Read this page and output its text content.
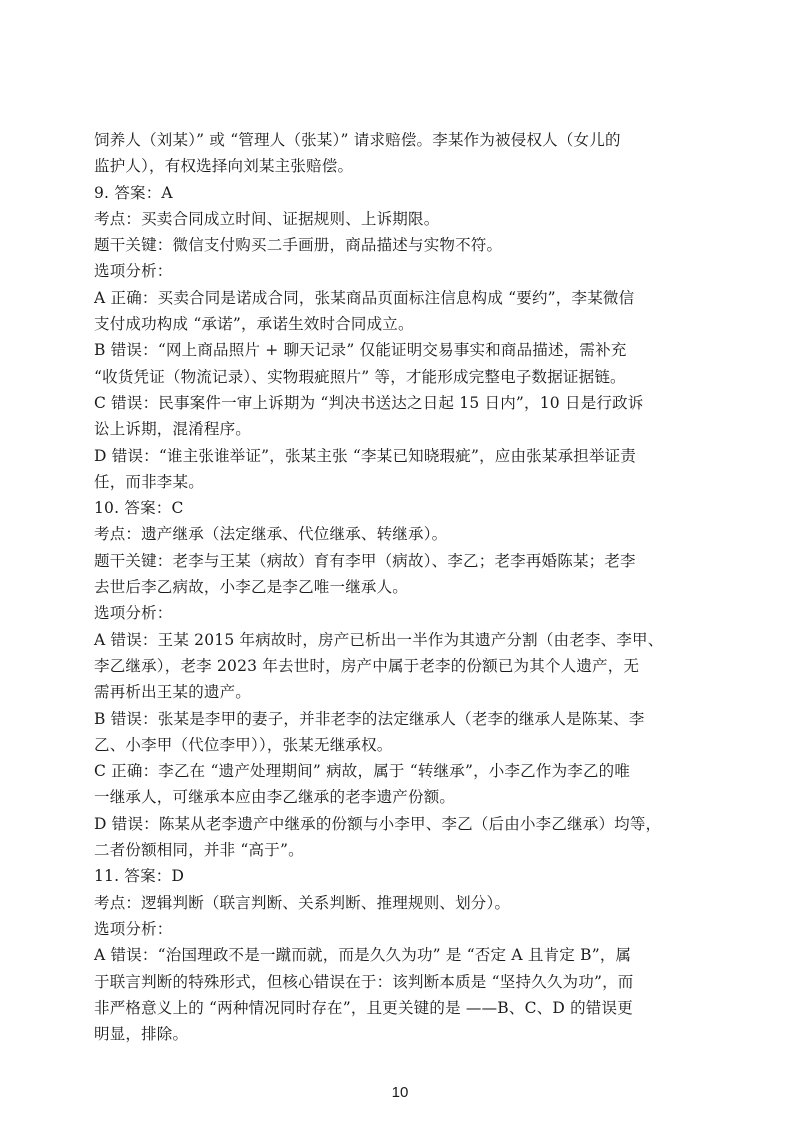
饲养人（刘某）” 或 “管理人（张某）” 请求赔偿。李某作为被侵权人（女儿的
监护人），有权选择向刘某主张赔偿。
9. 答案：A
考点：买卖合同成立时间、证据规则、上诉期限。
题干关键：微信支付购买二手画册，商品描述与实物不符。
选项分析：
A 正确：买卖合同是诺成合同，张某商品页面标注信息构成 “要约”，李某微信
支付成功构成 “承诺”，承诺生效时合同成立。
B 错误：“网上商品照片 + 聊天记录” 仅能证明交易事实和商品描述，需补充
“收货凭证（物流记录）、实物瑕疵照片” 等，才能形成完整电子数据证据链。
C 错误：民事案件一审上诉期为 “判决书送达之日起 15 日内”，10 日是行政诉
讼上诉期，混淆程序。
D 错误：“谁主张谁举证”，张某主张 “李某已知晓瑕疵”，应由张某承担举证责
任，而非李某。
10. 答案：C
考点：遗产继承（法定继承、代位继承、转继承）。
题干关键：老李与王某（病故）育有李甲（病故）、李乙；老李再婚陈某；老李
去世后李乙病故，小李乙是李乙唯一继承人。
选项分析：
A 错误：王某 2015 年病故时，房产已析出一半作为其遗产分割（由老李、李甲、
李乙继承），老李 2023 年去世时，房产中属于老李的份额已为其个人遗产，无
需再析出王某的遗产。
B 错误：张某是李甲的妻子，并非老李的法定继承人（老李的继承人是陈某、李
乙、小李甲（代位李甲）），张某无继承权。
C 正确：李乙在 “遗产处理期间” 病故，属于 “转继承”，小李乙作为李乙的唯
一继承人，可继承本应由李乙继承的老李遗产份额。
D 错误：陈某从老李遗产中继承的份额与小李甲、李乙（后由小李乙继承）均等，
二者份额相同，并非 “高于”。
11. 答案：D
考点：逻辑判断（联言判断、关系判断、推理规则、划分）。
选项分析：
A 错误：“治国理政不是一蹴而就，而是久久为功” 是 “否定 A 且肯定 B”，属
于联言判断的特殊形式，但核心错误在于：该判断本质是 “坚持久久为功”，而
非严格意义上的 “两种情况同时存在”，且更关键的是 ——B、C、D 的错误更
明显，排除。
10
